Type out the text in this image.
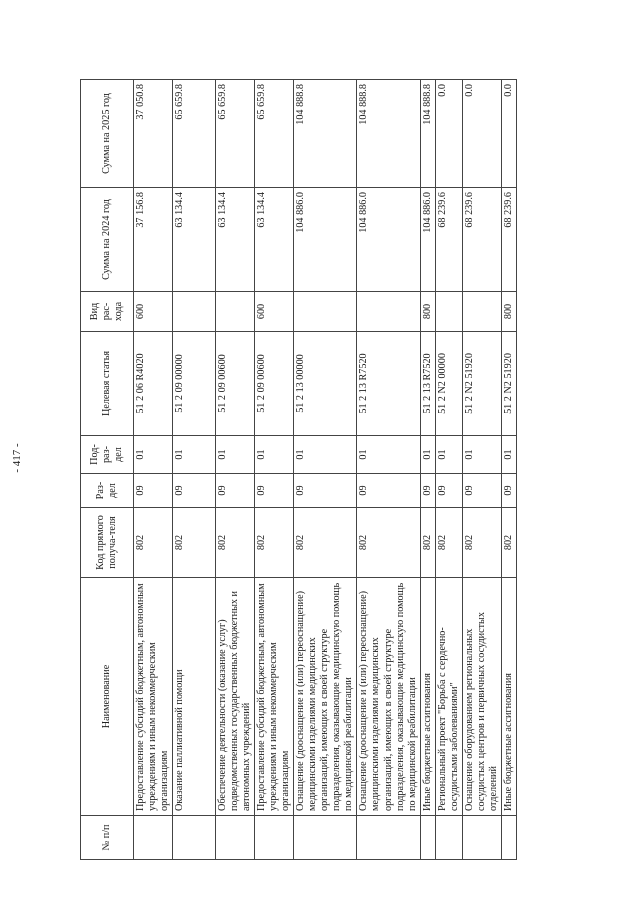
- 417 -
№ п/п	Наименование	Код прямого получа-теля	Раз-дел	Под-раз-дел	Целевая статья	Вид рас-хода	Сумма на 2024 год	Сумма на 2025 год
	Предоставление субсидий бюджетным, автономным учреждениям и иным некоммерческим организациям	802	09	01	51 2 06 R4020	600	37 156.8	37 050.8
	Оказание паллиативной помощи	802	09	01	51 2 09 00000		63 134.4	65 659.8
	Обеспечение деятельности (оказание услуг) подведомственных государственных бюджетных и автономных учреждений	802	09	01	51 2 09 00600		63 134.4	65 659.8
	Предоставление субсидий бюджетным, автономным учреждениям и иным некоммерческим организациям	802	09	01	51 2 09 00600	600	63 134.4	65 659.8
	Оснащение (дооснащение и (или) переоснащение) медицинскими изделиями медицинских организаций, имеющих в своей структуре подразделения, оказывающие медицинскую помощь по медицинской реабилитации	802	09	01	51 2 13 00000		104 886.0	104 888.8
	Оснащение (дооснащение и (или) переоснащение) медицинскими изделиями медицинских организаций, имеющих в своей структуре подразделения, оказывающие медицинскую помощь по медицинской реабилитации	802	09	01	51 2 13 R7520		104 886.0	104 888.8
	Иные бюджетные ассигнования	802	09	01	51 2 13 R7520	800	104 886.0	104 888.8
	Региональный проект "Борьба с сердечно-сосудистыми заболеваниями"	802	09	01	51 2 N2 00000		68 239.6	0.0
	Оснащение оборудованием региональных сосудистых центров и первичных сосудистых отделений	802	09	01	51 2 N2 51920		68 239.6	0.0
	Иные бюджетные ассигнования	802	09	01	51 2 N2 51920	800	68 239.6	0.0
